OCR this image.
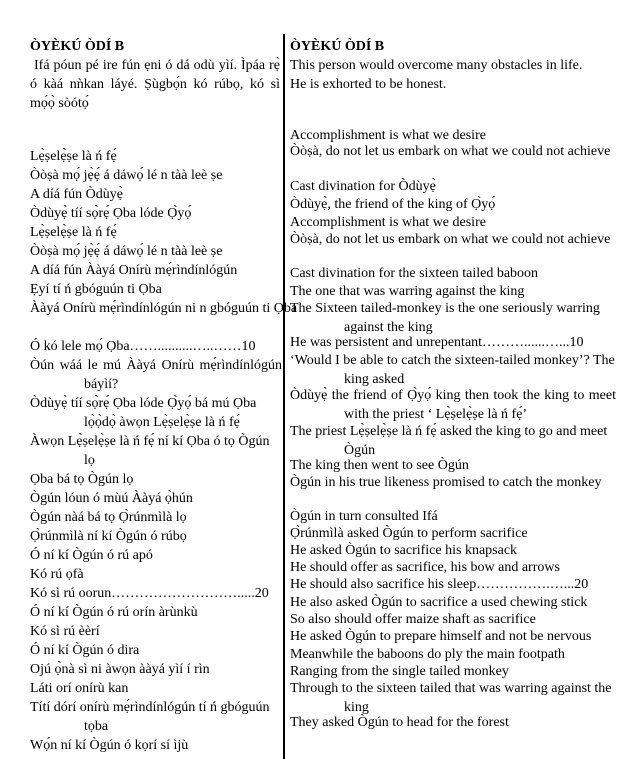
ÒYÈKÚ ÒDÍ B
Ifá póun pé ire fún ẹni ó dá odù yìí. Ìpáa rẹ̀ ó kàá nǹkan láyé. Ṣùgbọ́n kó rúbọ, kó sì mọ́ọ̀ sòótọ́
Lẹ̀ṣelẹ̀ṣe là ń fẹ́
Òòṣà mọ́ jẹ̀ẹ́ á dáwọ́ lé n tàà leè ṣe
A díá fún Òdùyẹ̀
Òdùyẹ̀ tíí sọ̀rẹ́ Ọba lóde Ọ̀yọ́
Lẹ̀ṣelẹ̀ṣe là ń fẹ́
Òòṣà mọ́ jẹ̀ẹ́ á dáwọ́ lé n tàà leè ṣe
A díá fún Ààyá Onírù mẹ́rìndínlógún
Ẹyí tí ń gbóguún ti Ọba
Ààyá Onírù mẹ́rìndínlógún ni n gbóguún ti Ọba
Ó kó lele mọ́ Ọba……..........…..……10
Òún wáá le mú Ààyá Onírù mẹ́rìndínlógún báyìí?
Òdùyẹ̀ tíí sọ̀rẹ́ Ọba lóde Ọ̀yọ́ bá mú Ọba lọ̀ọ̀dọ̀ àwọn Lẹ̀ṣelẹ̀ṣe là ń fẹ́
Àwọn Lẹ̀ṣelẹ̀ṣe là ń fẹ́ ní kí Ọba ó tọ Ògún lọ
Ọba bá tọ Ògún lọ
Ògún lóun ó mùú Ààyá ọ̀hún
Ògún nàá bá tọ Ọ̀rúnmìlà lọ
Ọ̀rúnmìlà ní kí Ògún ó rúbọ
Ó ní kí Ògún ó rú apó
Kó rú ọfà
Kó sì rú oorun……………………….....20
Ó ní kí Ògún ó rú orín àrùnkù
Kó sì rú èèrí
Ó ní kí Ògún ó dira
Ojú ọ̀nà sì ni àwọn ààyá yìí í rìn
Láti orí onírù kan
Títí dórí onírù mẹ́rìndínlógún tí ń gbóguún tọba
Wọ́n ní kí Ògún ó kọrí sí ìjù
ÒYÈKÚ ÒDÍ B
This person would overcome many obstacles in life.
He is exhorted to be honest.
Accomplishment is what we desire
Òòṣà, do not let us embark on what we could not achieve
Cast divination for Òdùyẹ̀
Òdùyẹ̀, the friend of the king of Ọ̀yọ́
Accomplishment is what we desire
Òòṣà, do not let us embark on what we could not achieve
Cast divination for the sixteen tailed baboon
The one that was warring against the king
The Sixteen tailed-monkey is the one seriously warring against the king
He was persistent and unrepentant………......…...10
‘Would I be able to catch the sixteen-tailed monkey’? The king asked
Òdùyẹ̀ the friend of Ọ̀yọ́ king then took the king to meet with the priest ‘ Lẹ̀ṣelẹ̀ṣe là ń fẹ́’
The priest Lẹ̀ṣelẹ̀ṣe là ń fẹ́ asked the king to go and meet Ògún
The king then went to see Ògún
Ògún in his true likeness promised to catch the monkey
Ògún in turn consulted Ifá
Ọ̀rúnmìlà asked Ògún to perform sacrifice
He asked Ògún to sacrifice his knapsack
He should offer as sacrifice, his bow and arrows
He should also sacrifice his sleep…………….…...20
He also asked Ògún to sacrifice a used chewing stick
So also should offer maize shaft as sacrifice
He asked Ògún to prepare himself and not be nervous
Meanwhile the baboons do ply the main footpath
Ranging from the single tailed monkey
Through to the sixteen tailed that was warring against the king
They asked Ògún to head for the forest
